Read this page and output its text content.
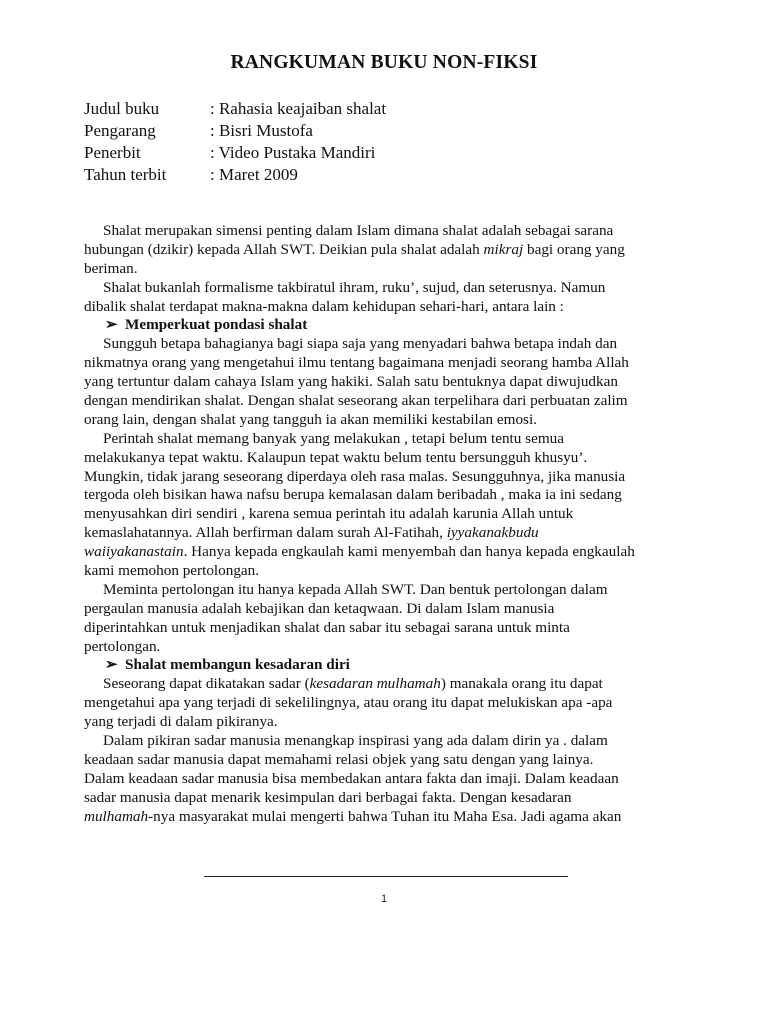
RANGKUMAN BUKU NON-FIKSI
Judul buku	: Rahasia keajaiban shalat
Pengarang	: Bisri Mustofa
Penerbit	: Video Pustaka Mandiri
Tahun terbit	: Maret 2009
Shalat merupakan simensi penting dalam Islam dimana shalat adalah sebagai sarana
hubungan (dzikir) kepada Allah SWT. Deikian pula shalat adalah mikraj bagi orang yang
beriman.
Shalat bukanlah formalisme takbiratul ihram, ruku’, sujud, dan seterusnya. Namun
dibalik shalat terdapat makna-makna dalam kehidupan sehari-hari, antara lain :
➢ Memperkuat pondasi shalat
Sungguh betapa bahagianya bagi siapa saja yang menyadari bahwa betapa indah dan
nikmatnya orang yang mengetahui ilmu tentang bagaimana menjadi seorang hamba Allah
yang tertuntur dalam cahaya Islam yang hakiki. Salah satu bentuknya dapat diwujudkan
dengan mendirikan shalat. Dengan shalat seseorang akan terpelihara dari perbuatan zalim
orang lain, dengan shalat yang tangguh ia akan memiliki kestabilan emosi.
Perintah shalat memang banyak yang melakukan , tetapi belum tentu semua
melakukanya tepat waktu. Kalaupun tepat waktu belum tentu bersungguh khusyu’.
Mungkin, tidak jarang seseorang diperdaya oleh rasa malas. Sesungguhnya, jika manusia
tergoda oleh bisikan hawa nafsu berupa kemalasan dalam beribadah , maka ia ini sedang
menyusahkan diri sendiri , karena semua perintah itu adalah karunia Allah untuk
kemaslahatannya. Allah berfirman dalam surah Al-Fatihah, iyyakanakbudu
waiiyakanastain. Hanya kepada engkaulah kami menyembah dan hanya kepada engkaulah
kami memohon pertolongan.
Meminta pertolongan itu hanya kepada Allah SWT. Dan bentuk pertolongan dalam
pergaulan manusia adalah kebajikan dan ketaqwaan. Di dalam Islam manusia
diperintahkan untuk menjadikan shalat dan sabar itu sebagai sarana untuk minta
pertolongan.
➢ Shalat membangun kesadaran diri
Seseorang dapat dikatakan sadar (kesadaran mulhamah) manakala orang itu dapat
mengetahui apa yang terjadi di sekelilingnya, atau orang itu dapat melukiskan apa -apa
yang terjadi di dalam pikiranya.
Dalam pikiran sadar manusia menangkap inspirasi yang ada dalam dirin ya . dalam
keadaan sadar manusia dapat memahami relasi objek yang satu dengan yang lainya.
Dalam keadaan sadar manusia bisa membedakan antara fakta dan imaji. Dalam keadaan
sadar manusia dapat menarik kesimpulan dari berbagai fakta. Dengan kesadaran
mulhamah-nya masyarakat mulai mengerti bahwa Tuhan itu Maha Esa. Jadi agama akan
1
